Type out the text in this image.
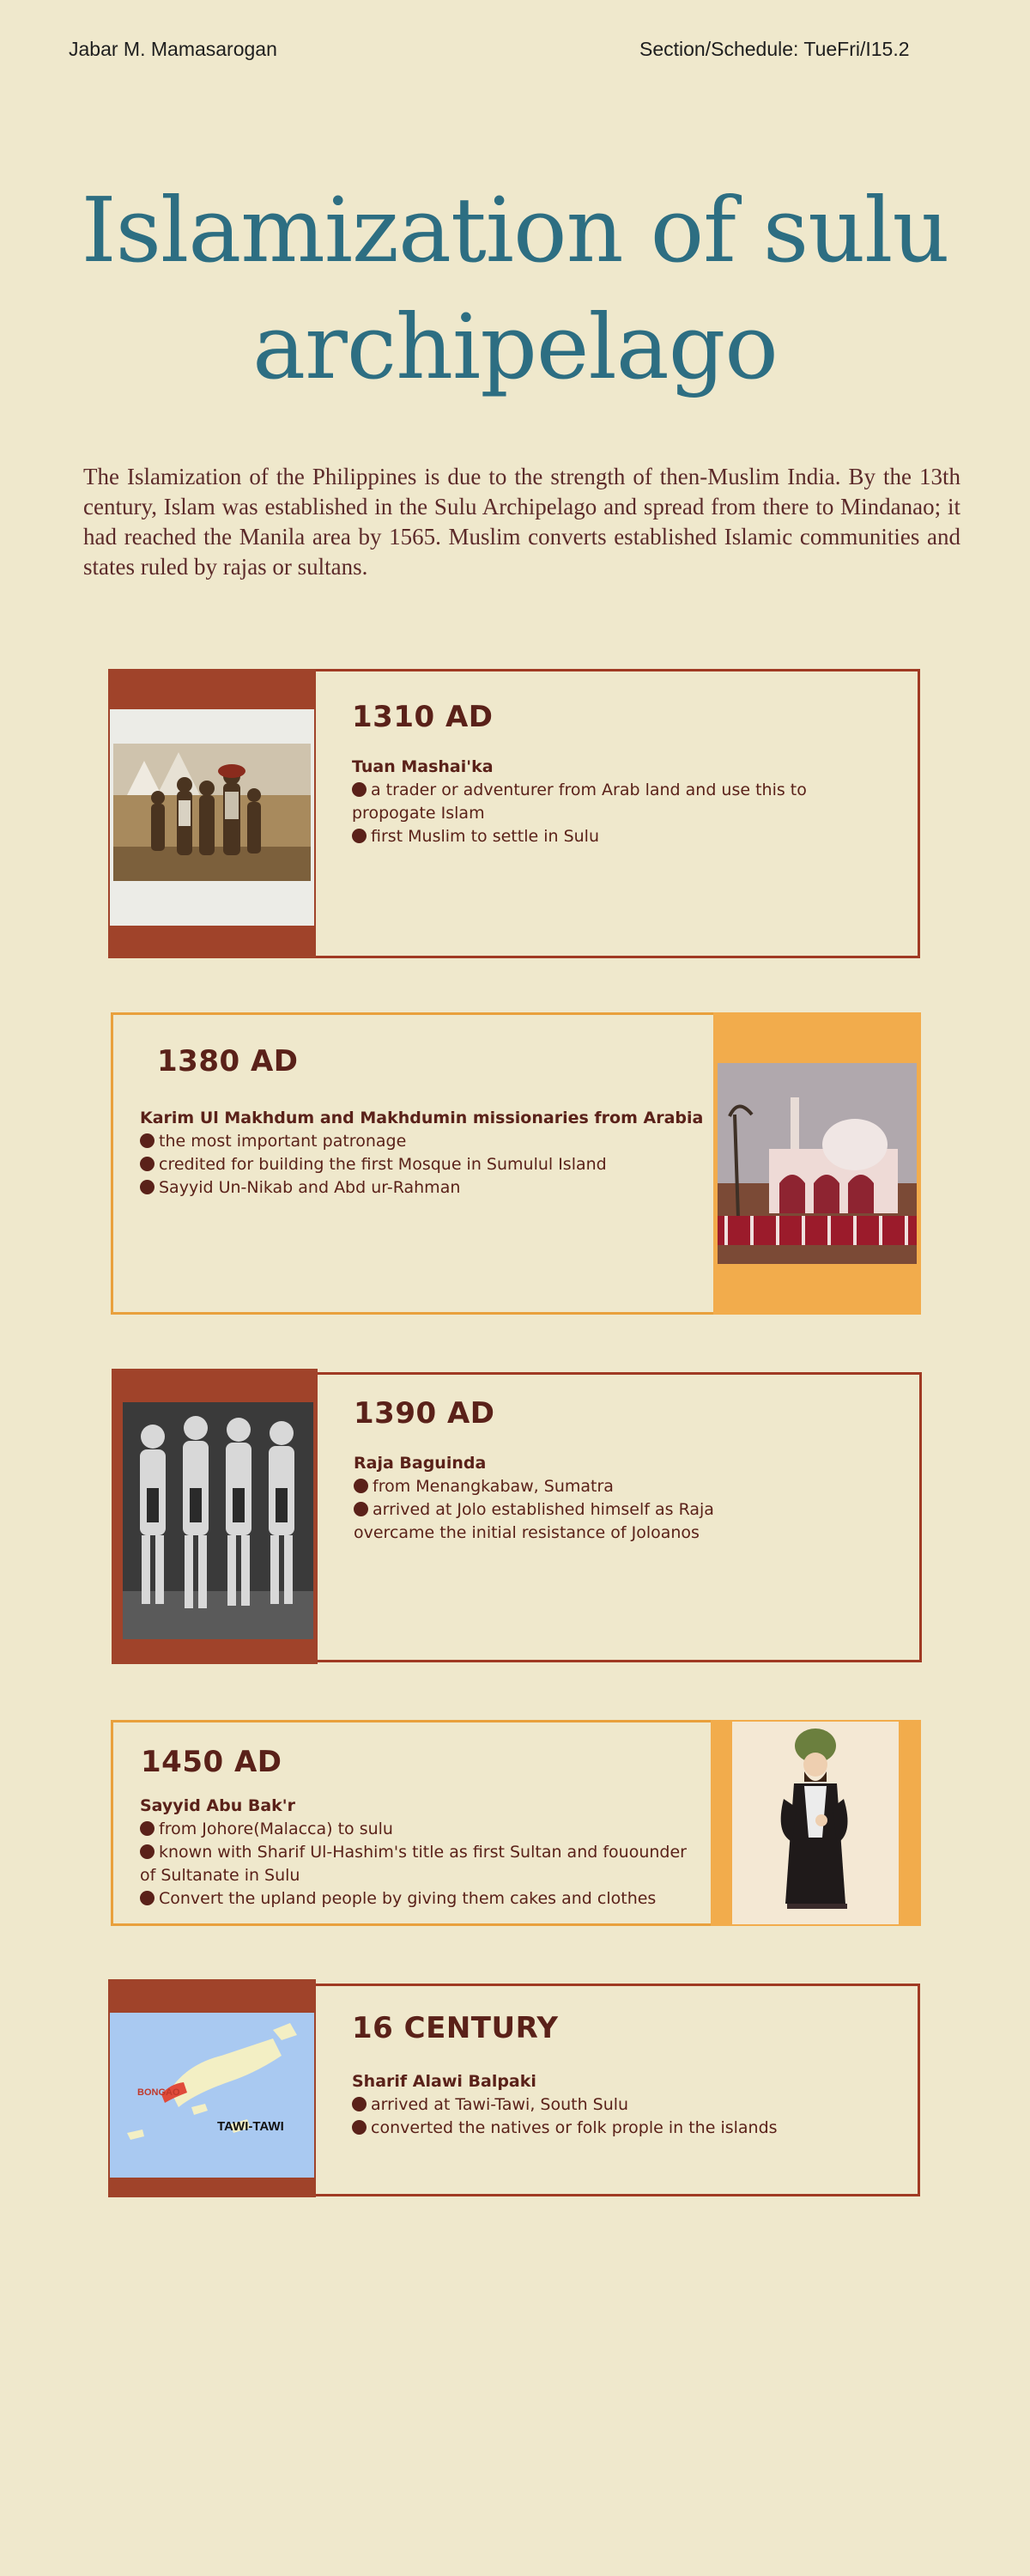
Jabar M. Mamasarogan	Section/Schedule: TueFri/I15.2
Islamization of sulu archipelago

The Islamization of the Philippines is due to the strength of then-Muslim India. By the 13th century, Islam was established in the Sulu Archipelago and spread from there to Mindanao; it had reached the Manila area by 1565. Muslim converts established Islamic communities and states ruled by rajas or sultans.

1310 AD
Tuan Mashai'ka
a trader or adventurer from Arab land and use this to propogate Islam
first Muslim to settle in Sulu
1380 AD
Karim Ul Makhdum and Makhdumin missionaries from Arabia
the most important patronage
credited for building the first Mosque in Sumulul Island
Sayyid Un-Nikab and Abd ur-Rahman
1390 AD
Raja Baguinda
from Menangkabaw, Sumatra
arrived at Jolo established himself as Raja overcame the initial resistance of Joloanos
1450 AD
Sayyid Abu Bak'r
from Johore(Malacca) to sulu
known with Sharif Ul-Hashim's title as first Sultan and fouounder of Sultanate in Sulu
Convert the upland people by giving them cakes and clothes
BONGAO
TAWI-TAWI
16 CENTURY
Sharif Alawi Balpaki
arrived at Tawi-Tawi, South Sulu
converted the natives or folk prople in the islands
